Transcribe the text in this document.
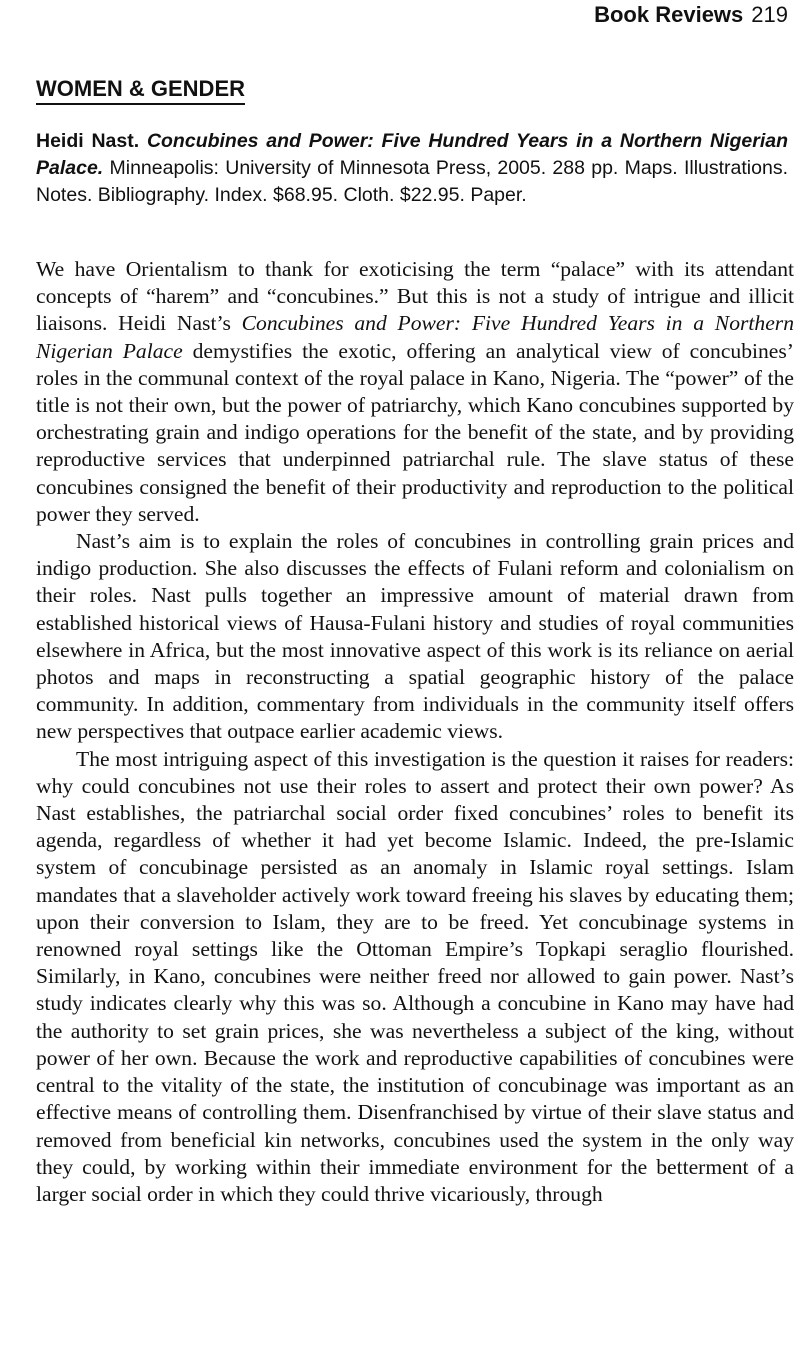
Book Reviews 219
WOMEN & GENDER
Heidi Nast. Concubines and Power: Five Hundred Years in a Northern Nigerian Palace. Minneapolis: University of Minnesota Press, 2005. 288 pp. Maps. Illustrations. Notes. Bibliography. Index. $68.95. Cloth. $22.95. Paper.

We have Orientalism to thank for exoticising the term “palace” with its attendant concepts of “harem” and “concubines.” But this is not a study of intrigue and illicit liaisons. Heidi Nast’s Concubines and Power: Five Hundred Years in a Northern Nigerian Palace demystifies the exotic, offering an analytical view of concubines’ roles in the communal context of the royal palace in Kano, Nigeria. The “power” of the title is not their own, but the power of patriarchy, which Kano concubines supported by orchestrating grain and indigo operations for the benefit of the state, and by providing reproductive services that underpinned patriarchal rule. The slave status of these concubines consigned the benefit of their productivity and reproduction to the political power they served.

Nast’s aim is to explain the roles of concubines in controlling grain prices and indigo production. She also discusses the effects of Fulani reform and colonialism on their roles. Nast pulls together an impressive amount of material drawn from established historical views of Hausa-Fulani history and studies of royal communities elsewhere in Africa, but the most innovative aspect of this work is its reliance on aerial photos and maps in reconstructing a spatial geographic history of the palace community. In addition, commentary from individuals in the community itself offers new perspectives that outpace earlier academic views.

The most intriguing aspect of this investigation is the question it raises for readers: why could concubines not use their roles to assert and protect their own power? As Nast establishes, the patriarchal social order fixed concubines’ roles to benefit its agenda, regardless of whether it had yet become Islamic. Indeed, the pre-Islamic system of concubinage persisted as an anomaly in Islamic royal settings. Islam mandates that a slaveholder actively work toward freeing his slaves by educating them; upon their conversion to Islam, they are to be freed. Yet concubinage systems in renowned royal settings like the Ottoman Empire’s Topkapi seraglio flourished. Similarly, in Kano, concubines were neither freed nor allowed to gain power. Nast’s study indicates clearly why this was so. Although a concubine in Kano may have had the authority to set grain prices, she was nevertheless a subject of the king, without power of her own. Because the work and reproductive capabilities of concubines were central to the vitality of the state, the institution of concubinage was important as an effective means of controlling them. Disenfranchised by virtue of their slave status and removed from beneficial kin networks, concubines used the system in the only way they could, by working within their immediate environment for the betterment of a larger social order in which they could thrive vicariously, through
